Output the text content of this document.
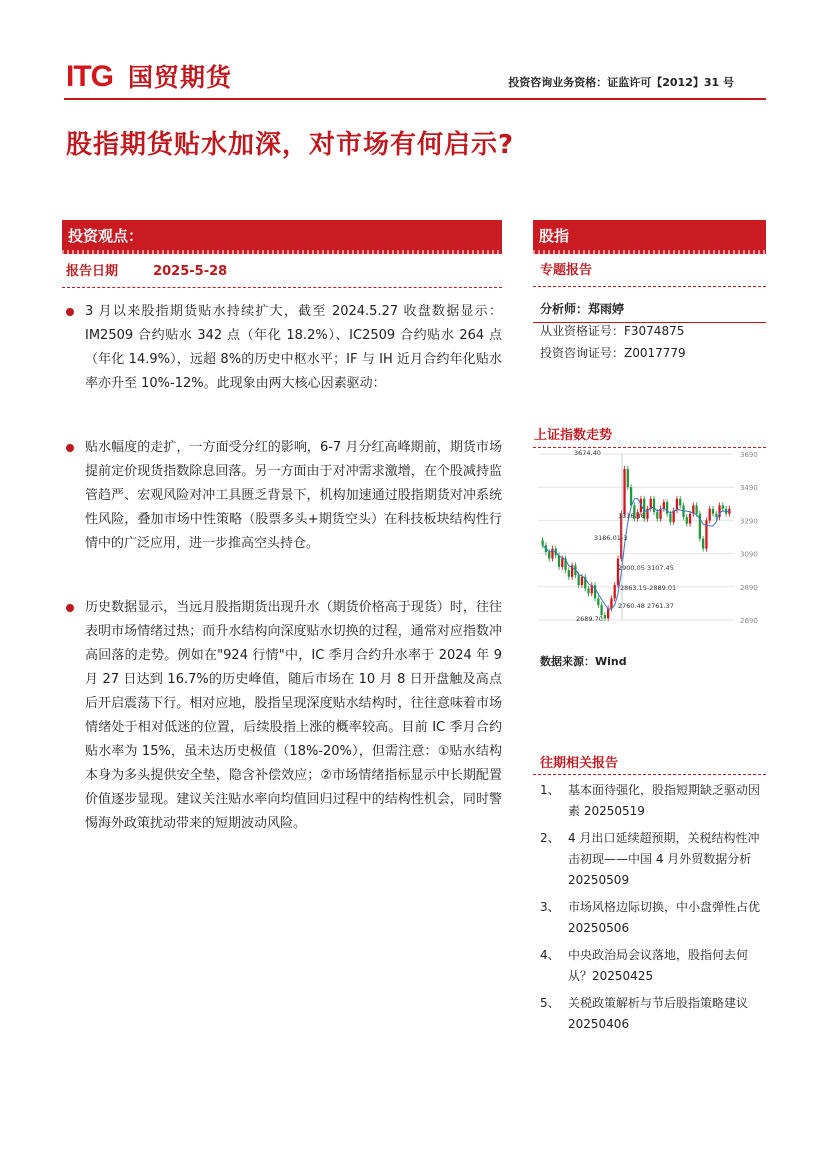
ITG 国贸期货	投资咨询业务资格：证监许可【2012】31 号
股指期货贴水加深，对市场有何启示?
投资观点：	股指
报告日期	2025-5-28
3 月以来股指期货贴水持续扩大，截至 2024.5.27 收盘数据显示：IM2509 合约贴水 342 点（年化 18.2%）、IC2509 合约贴水 264 点（年化 14.9%），远超 8%的历史中枢水平；IF 与 IH 近月合约年化贴水率亦升至 10%-12%。此现象由两大核心因素驱动：
贴水幅度的走扩，一方面受分红的影响，6-7 月分红高峰期前，期货市场提前定价现货指数除息回落。另一方面由于对冲需求激增，在个股减持监管趋严、宏观风险对冲工具匮乏背景下，机构加速通过股指期货对冲系统性风险，叠加市场中性策略（股票多头+期货空头）在科技板块结构性行情中的广泛应用，进一步推高空头持仓。
历史数据显示，当远月股指期货出现升水（期货价格高于现货）时，往往表明市场情绪过热；而升水结构向深度贴水切换的过程，通常对应指数冲高回落的走势。例如在"924 行情"中，IC 季月合约升水率于 2024 年 9 月 27 日达到 16.7%的历史峰值，随后市场在 10 月 8 日开盘触及高点后开启震荡下行。相对应地，股指呈现深度贴水结构时，往往意味着市场情绪处于相对低迷的位置，后续股指上涨的概率较高。目前 IC 季月合约贴水率为 15%，虽未达历史极值（18%-20%），但需注意：①贴水结构本身为多头提供安全垫，隐含补偿效应；②市场情绪指标显示中长期配置价值逐步显现。建议关注贴水率向均值回归过程中的结构性机会，同时警惕海外政策扰动带来的短期波动风险。
专题报告
分析师：郑雨婷
从业资格证号：F3074875
投资咨询证号：Z0017779
上证指数走势
3690
3490
3290
3090
2890
2690
3674.40
3316.46
3186.01-3
2900.05 3107.45
2863.15-2889.01
2760.48 2761.37
2689.70
数据来源：Wind
往期相关报告
1、 基本面待强化，股指短期缺乏驱动因素 20250519
2、 4 月出口延续超预期，关税结构性冲击初现——中国 4 月外贸数据分析 20250509
3、 市场风格边际切换，中小盘弹性占优 20250506
4、 中央政治局会议落地，股指何去何从？20250425
5、 关税政策解析与节后股指策略建议 20250406
